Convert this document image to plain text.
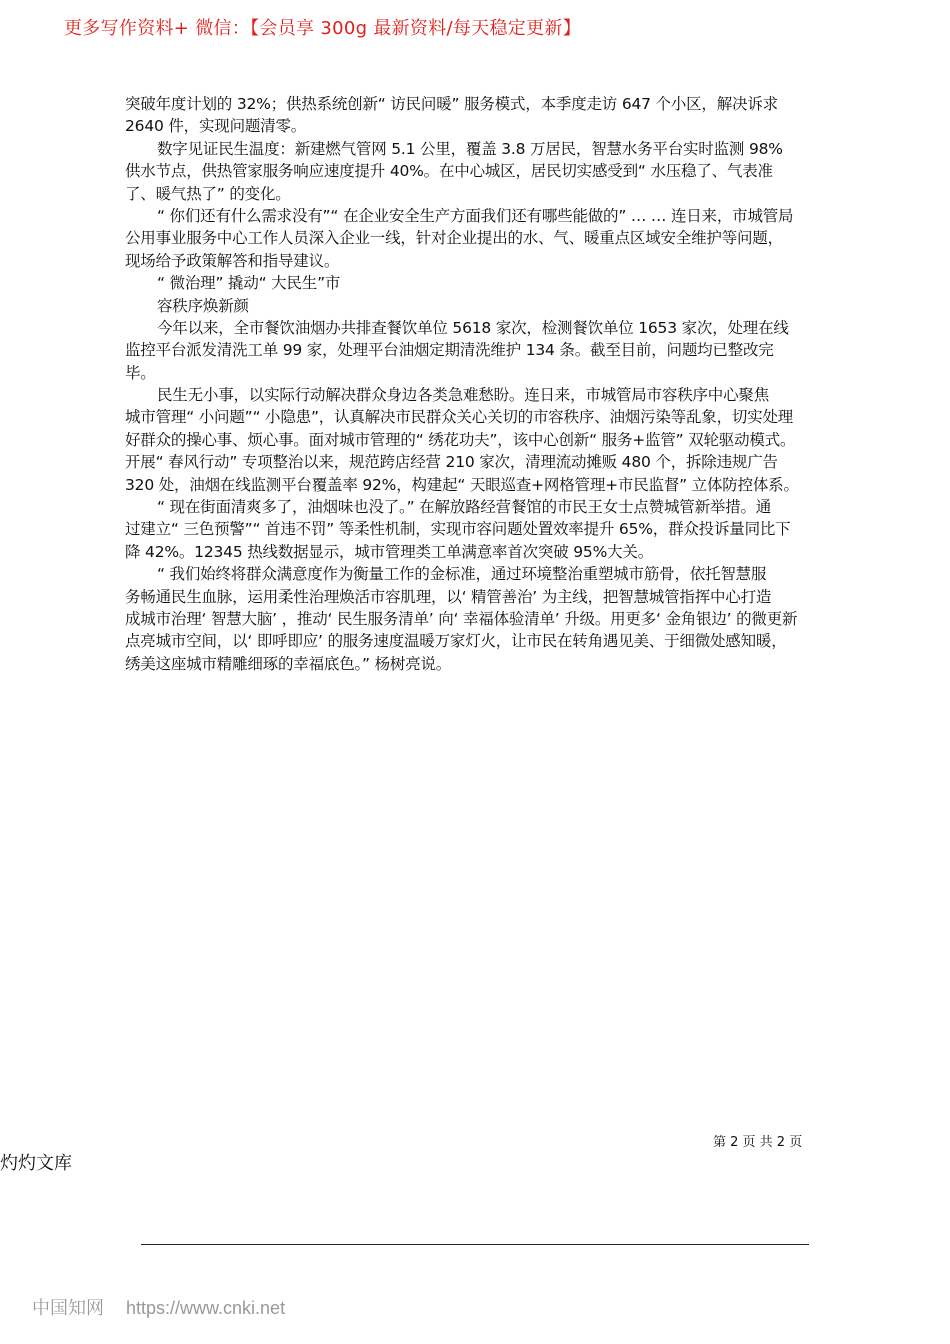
更多写作资料+ 微信：【会员享 300g 最新资料/每天稳定更新】
突破年度计划的 32%；供热系统创新“ 访民问暖” 服务模式，本季度走访 647 个小区，解决诉求
2640 件，实现问题清零。
数字见证民生温度：新建燃气管网 5.1 公里，覆盖 3.8 万居民，智慧水务平台实时监测 98%
供水节点，供热管家服务响应速度提升 40%。在中心城区，居民切实感受到“ 水压稳了、气表准
了、暖气热了” 的变化。
“ 你们还有什么需求没有”“ 在企业安全生产方面我们还有哪些能做的” … … 连日来，市城管局
公用事业服务中心工作人员深入企业一线，针对企业提出的水、气、暖重点区域安全维护等问题，
现场给予政策解答和指导建议。
“ 微治理” 撬动“ 大民生”市
容秩序焕新颜
今年以来，全市餐饮油烟办共排查餐饮单位 5618 家次，检测餐饮单位 1653 家次，处理在线
监控平台派发清洗工单 99 家，处理平台油烟定期清洗维护 134 条。截至目前，问题均已整改完
毕。
民生无小事，以实际行动解决群众身边各类急难愁盼。连日来，市城管局市容秩序中心聚焦
城市管理“ 小问题”“ 小隐患”，认真解决市民群众关心关切的市容秩序、油烟污染等乱象，切实处理
好群众的操心事、烦心事。面对城市管理的“ 绣花功夫”，该中心创新“ 服务+监管” 双轮驱动模式。
开展“ 春风行动” 专项整治以来，规范跨店经营 210 家次，清理流动摊贩 480 个，拆除违规广告
320 处，油烟在线监测平台覆盖率 92%，构建起“ 天眼巡查+网格管理+市民监督” 立体防控体系。
“ 现在街面清爽多了，油烟味也没了。” 在解放路经营餐馆的市民王女士点赞城管新举措。通
过建立“ 三色预警”“ 首违不罚” 等柔性机制，实现市容问题处置效率提升 65%，群众投诉量同比下
降 42%。12345 热线数据显示，城市管理类工单满意率首次突破 95%大关。
“ 我们始终将群众满意度作为衡量工作的金标准，通过环境整治重塑城市筋骨，依托智慧服
务畅通民生血脉，运用柔性治理焕活市容肌理，以‘ 精管善治’ 为主线，把智慧城管指挥中心打造
成城市治理‘ 智慧大脑’ ，推动‘ 民生服务清单’ 向‘ 幸福体验清单’ 升级。用更多‘ 金角银边’ 的微更新
点亮城市空间，以‘ 即呼即应’ 的服务速度温暖万家灯火，让市民在转角遇见美、于细微处感知暖，
绣美这座城市精雕细琢的幸福底色。” 杨树亮说。
第 2 页 共 2 页
灼灼文库
中国知网 https://www.cnki.net
